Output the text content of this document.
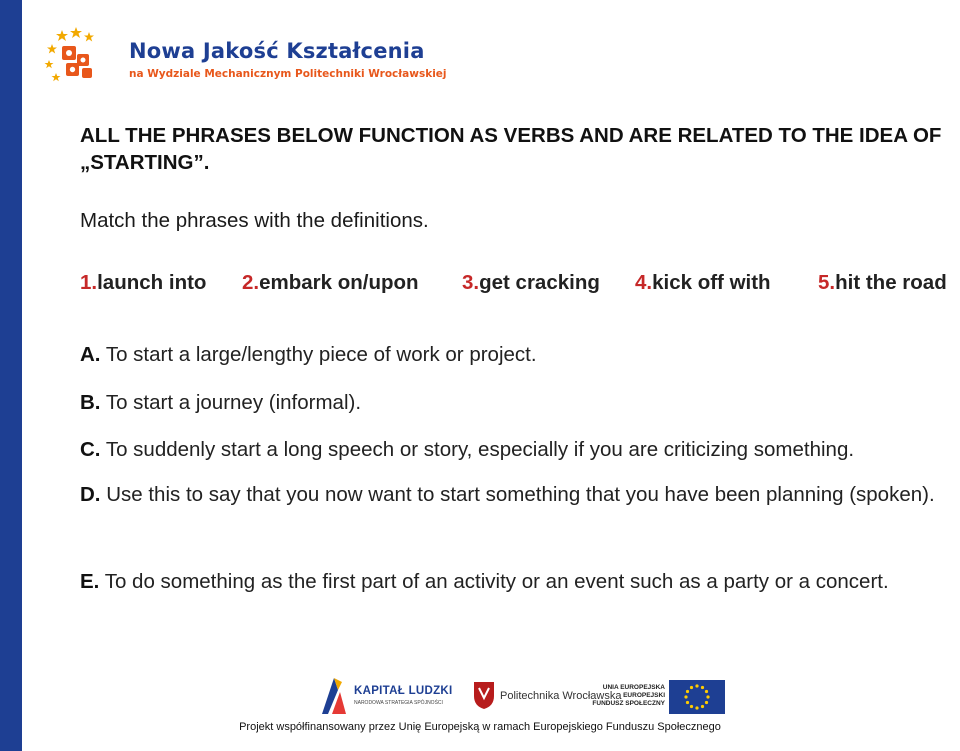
Nowa Jakość Kształcenia
na Wydziale Mechanicznym Politechniki Wrocławskiej
ALL THE PHRASES BELOW FUNCTION AS VERBS AND ARE RELATED TO THE IDEA OF „STARTING”.
Match the phrases with the definitions.
1.launch into 2.embark on/upon 3.get cracking 4.kick off with 5.hit the road
A. To start a large/lengthy piece of work or project.
B. To start a journey (informal).
C. To suddenly start a long speech or story, especially if you are criticizing something.
D. Use this to say that you now want to start something that you have been planning (spoken).
E. To do something as the first part of an activity or an event such as a party or a concert.
KAPITAŁ LUDZKI
NARODOWA STRATEGIA SPÓJNOŚCI
Politechnika Wrocławska
UNIA EUROPEJSKA
EUROPEJSKI
FUNDUSZ SPOŁECZNY
Projekt współfinansowany przez Unię Europejską w ramach Europejskiego Funduszu Społecznego
